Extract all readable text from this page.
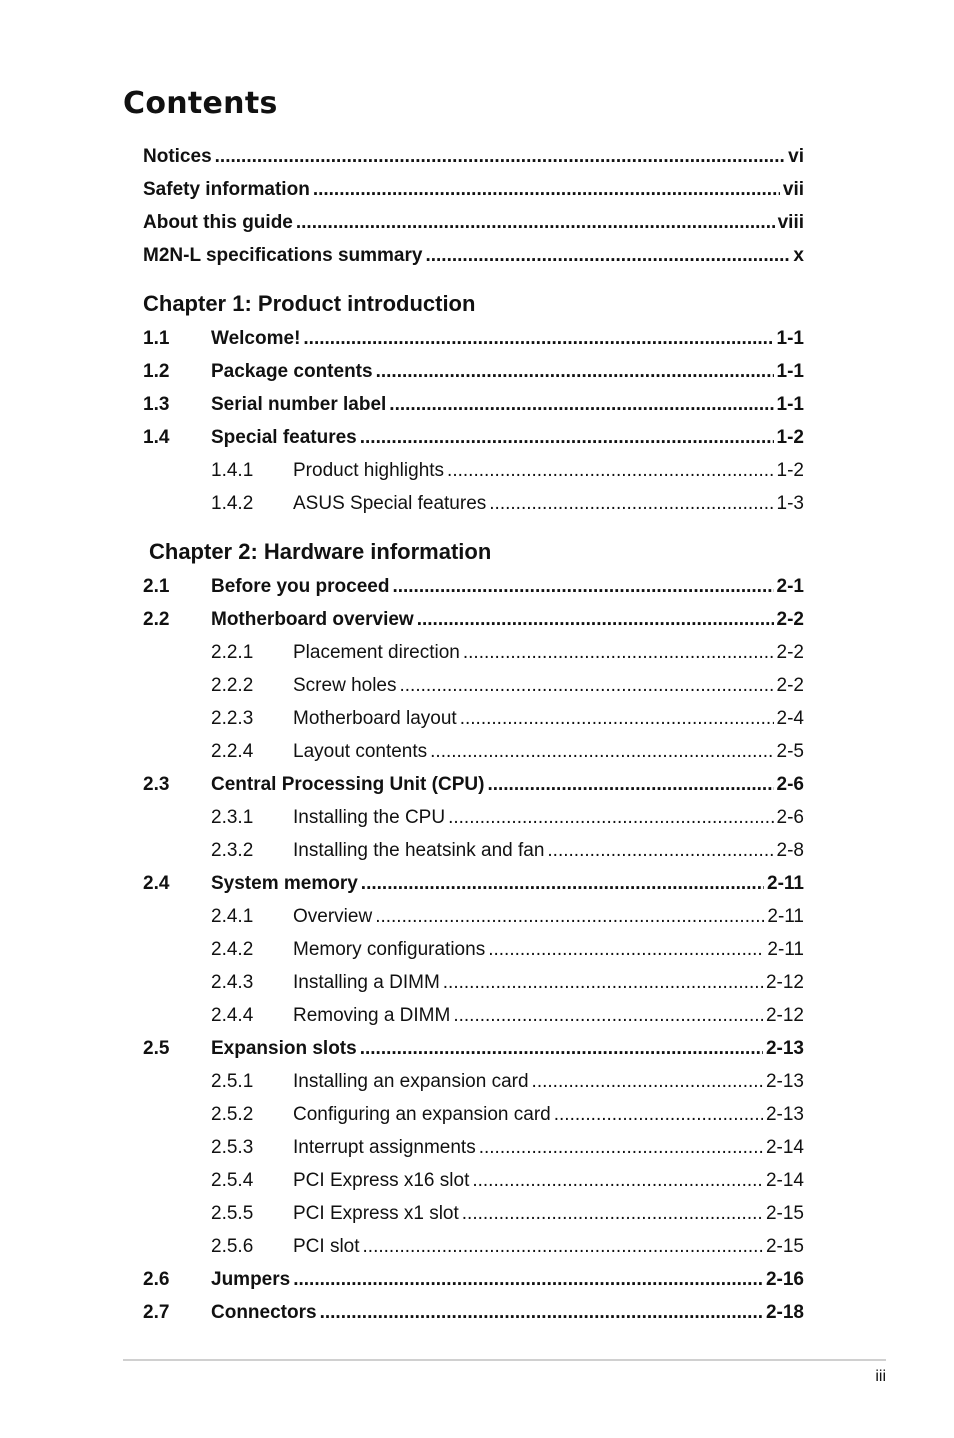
Contents
Notices .....	vi
Safety information .....	vii
About this guide .....	viii
M2N-L specifications summary .....	x
Chapter 1: Product introduction
1.1	Welcome! .....	1-1
1.2	Package contents .....	1-1
1.3	Serial number label .....	1-1
1.4	Special features .....	1-2
1.4.1	Product highlights .....	1-2
1.4.2	ASUS Special features .....	1-3
Chapter 2: Hardware information
2.1	Before you proceed .....	2-1
2.2	Motherboard overview .....	2-2
2.2.1	Placement direction .....	2-2
2.2.2	Screw holes .....	2-2
2.2.3	Motherboard layout .....	2-4
2.2.4	Layout contents .....	2-5
2.3	Central Processing Unit (CPU) .....	2-6
2.3.1	Installing the CPU .....	2-6
2.3.2	Installing the heatsink and fan .....	2-8
2.4	System memory .....	2-11
2.4.1	Overview .....	2-11
2.4.2	Memory configurations .....	2-11
2.4.3	Installing a DIMM .....	2-12
2.4.4	Removing a DIMM .....	2-12
2.5	Expansion slots .....	2-13
2.5.1	Installing an expansion card .....	2-13
2.5.2	Configuring an expansion card .....	2-13
2.5.3	Interrupt assignments .....	2-14
2.5.4	PCI Express x16 slot .....	2-14
2.5.5	PCI Express x1 slot .....	2-15
2.5.6	PCI slot .....	2-15
2.6	Jumpers .....	2-16
2.7	Connectors .....	2-18
iii
